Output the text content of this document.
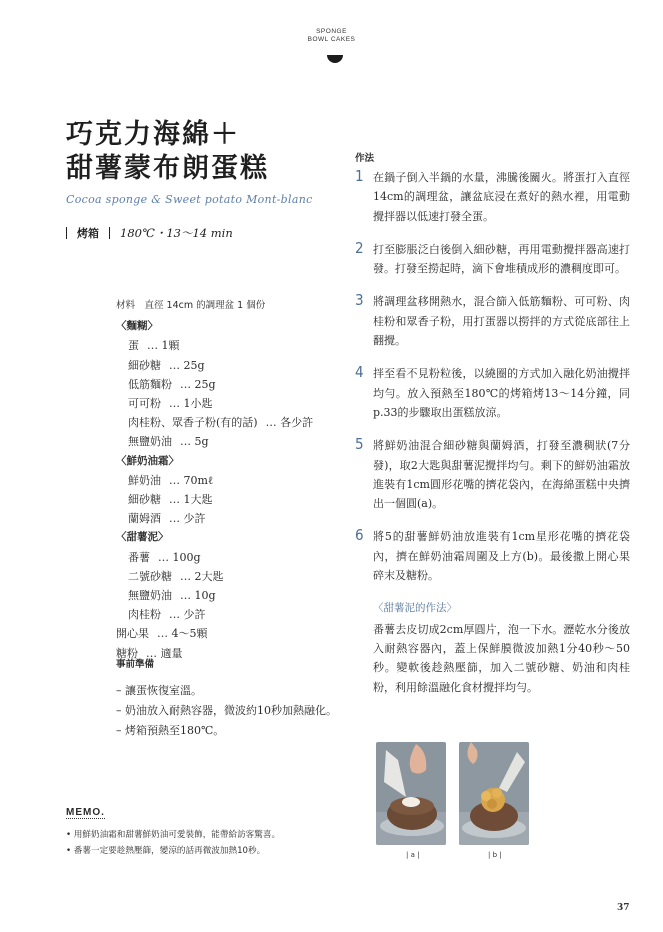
SPONGE
BOWL CAKES
巧克力海綿＋
甜薯蒙布朗蛋糕
Cocoa sponge & Sweet potato Mont-blanc
烤箱 180℃・13〜14 min
材料　直徑 14cm 的調理盆 1 個份
〈麵糊〉
蛋 … 1顆
細砂糖 … 25g
低筋麵粉 … 25g
可可粉 … 1小匙
肉桂粉、眾香子粉(有的話) … 各少許
無鹽奶油 … 5g
〈鮮奶油霜〉
鮮奶油 … 70mℓ
細砂糖 … 1大匙
蘭姆酒 … 少許
〈甜薯泥〉
番薯 … 100g
二號砂糖 … 2大匙
無鹽奶油 … 10g
肉桂粉 … 少許
開心果 … 4〜5顆
糖粉 … 適量
事前準備
– 讓蛋恢復室溫。
– 奶油放入耐熱容器，微波約10秒加熱融化。
– 烤箱預熱至180℃。
MEMO.
• 用鮮奶油霜和甜薯鮮奶油可愛裝飾，能帶給訪客驚喜。
• 番薯一定要趁熱壓篩，變涼的話再微波加熱10秒。
作法
1 在鍋子倒入半鍋的水量，沸騰後關火。將蛋打入直徑14cm的調理盆，讓盆底浸在煮好的熱水裡，用電動攪拌器以低速打發全蛋。
2 打至膨脹泛白後倒入細砂糖，再用電動攪拌器高速打發。打發至撈起時，滴下會堆積成形的濃稠度即可。
3 將調理盆移開熱水，混合篩入低筋麵粉、可可粉、肉桂粉和眾香子粉，用打蛋器以撈拌的方式從底部往上翻攪。
4 拌至看不見粉粒後，以繞圈的方式加入融化奶油攪拌均勻。放入預熱至180℃的烤箱烤13〜14分鐘，同p.33的步驟取出蛋糕放涼。
5 將鮮奶油混合細砂糖與蘭姆酒，打發至濃稠狀(7分發)，取2大匙與甜薯泥攪拌均勻。剩下的鮮奶油霜放進裝有1cm圓形花嘴的擠花袋內，在海綿蛋糕中央擠出一個圓(a)。
6 將5的甜薯鮮奶油放進裝有1cm星形花嘴的擠花袋內，擠在鮮奶油霜周圍及上方(b)。最後撒上開心果碎末及糖粉。
〈甜薯泥的作法〉
番薯去皮切成2cm厚圓片，泡一下水。瀝乾水分後放入耐熱容器內，蓋上保鮮膜微波加熱1分40秒〜50秒。變軟後趁熱壓篩，加入二號砂糖、奶油和肉桂粉，利用餘溫融化食材攪拌均勻。
| a |	| b |
37
